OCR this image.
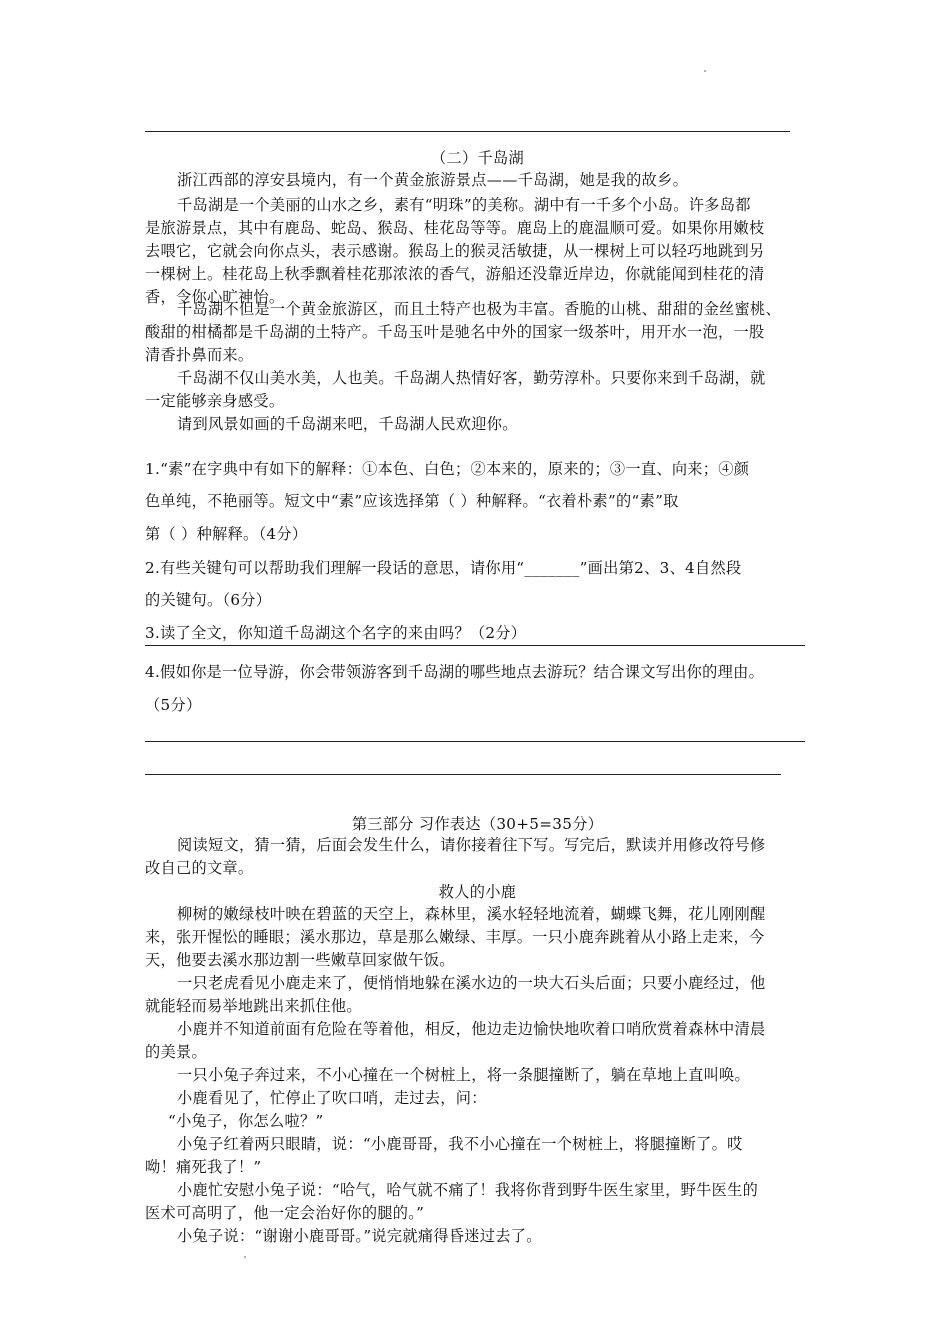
（二）千岛湖
浙江西部的淳安县境内，有一个黄金旅游景点——千岛湖，她是我的故乡。
千岛湖是一个美丽的山水之乡，素有“明珠”的美称。湖中有一千多个小岛。许多岛都
是旅游景点，其中有鹿岛、蛇岛、猴岛、桂花岛等等。鹿岛上的鹿温顺可爱。如果你用嫩枝
去喂它，它就会向你点头，表示感谢。猴岛上的猴灵活敏捷，从一棵树上可以轻巧地跳到另
一棵树上。桂花岛上秋季飘着桂花那浓浓的香气，游船还没靠近岸边，你就能闻到桂花的清
香，令你心旷神怡。
千岛湖不但是一个黄金旅游区，而且土特产也极为丰富。香脆的山桃、甜甜的金丝蜜桃、
酸甜的柑橘都是千岛湖的土特产。千岛玉叶是驰名中外的国家一级茶叶，用开水一泡，一股
清香扑鼻而来。
千岛湖不仅山美水美，人也美。千岛湖人热情好客，勤劳淳朴。只要你来到千岛湖，就
一定能够亲身感受。
请到风景如画的千岛湖来吧，千岛湖人民欢迎你。
1.“素”在字典中有如下的解释：①本色、白色；②本来的，原来的；③一直、向来；④颜
色单纯，不艳丽等。短文中“素”应该选择第（ ）种解释。“衣着朴素”的“素”取
第（ ）种解释。（4分）
2.有些关键句可以帮助我们理解一段话的意思，请你用“_______”画出第2、3、4自然段
的关键句。（6分）
3.读了全文，你知道千岛湖这个名字的来由吗？（2分）
4.假如你是一位导游，你会带领游客到千岛湖的哪些地点去游玩？结合课文写出你的理由。
（5分）
第三部分 习作表达（30+5=35分）
阅读短文，猜一猜，后面会发生什么，请你接着往下写。写完后，默读并用修改符号修
改自己的文章。
救人的小鹿
柳树的嫩绿枝叶映在碧蓝的天空上，森林里，溪水轻轻地流着，蝴蝶飞舞，花儿刚刚醒
来，张开惺忪的睡眼；溪水那边，草是那么嫩绿、丰厚。一只小鹿奔跳着从小路上走来，今
天，他要去溪水那边割一些嫩草回家做午饭。
一只老虎看见小鹿走来了，便悄悄地躲在溪水边的一块大石头后面；只要小鹿经过，他
就能轻而易举地跳出来抓住他。
小鹿并不知道前面有危险在等着他，相反，他边走边愉快地吹着口哨欣赏着森林中清晨
的美景。
一只小兔子奔过来，不小心撞在一个树桩上，将一条腿撞断了，躺在草地上直叫唤。
小鹿看见了，忙停止了吹口哨，走过去，问：
“小兔子，你怎么啦？”
小兔子红着两只眼睛，说：“小鹿哥哥，我不小心撞在一个树桩上，将腿撞断了。哎
呦！痛死我了！”
小鹿忙安慰小兔子说：“哈气，哈气就不痛了！我将你背到野牛医生家里，野牛医生的
医术可高明了，他一定会治好你的腿的。”
小兔子说：“谢谢小鹿哥哥。”说完就痛得昏迷过去了。
